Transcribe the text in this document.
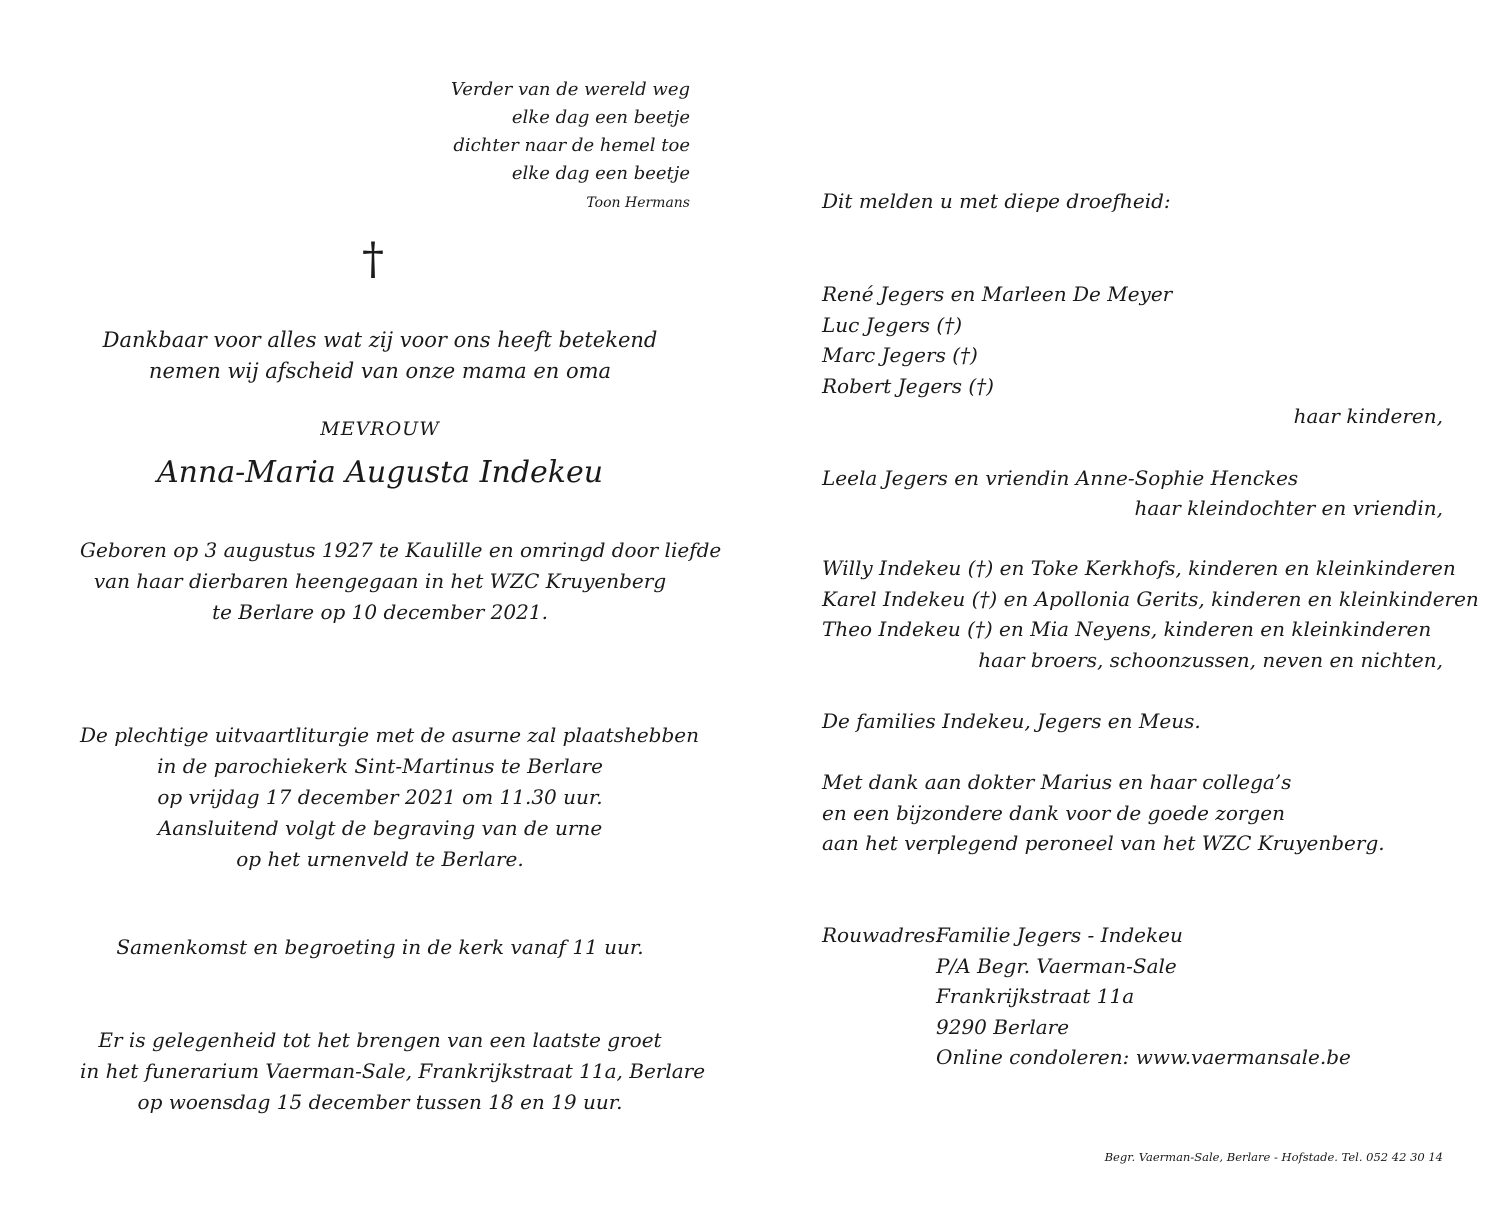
Verder van de wereld weg
elke dag een beetje
dichter naar de hemel toe
elke dag een beetje
Toon Hermans
†
Dankbaar voor alles wat zij voor ons heeft betekend
nemen wij afscheid van onze mama en oma
MEVROUW
Anna-Maria Augusta Indekeu
Geboren op 3 augustus 1927 te Kaulille en omringd door liefde
van haar dierbaren heengegaan in het WZC Kruyenberg
te Berlare op 10 december 2021.
De plechtige uitvaartliturgie met de asurne zal plaatshebben
in de parochiekerk Sint-Martinus te Berlare
op vrijdag 17 december 2021 om 11.30 uur.
Aansluitend volgt de begraving van de urne
op het urnenveld te Berlare.
Samenkomst en begroeting in de kerk vanaf 11 uur.
Er is gelegenheid tot het brengen van een laatste groet
in het funerarium Vaerman-Sale, Frankrijkstraat 11a, Berlare
op woensdag 15 december tussen 18 en 19 uur.
Dit melden u met diepe droefheid:
René Jegers en Marleen De Meyer
Luc Jegers (†)
Marc Jegers (†)
Robert Jegers (†)
haar kinderen,
Leela Jegers en vriendin Anne-Sophie Henckes
haar kleindochter en vriendin,
Willy Indekeu (†) en Toke Kerkhofs, kinderen en kleinkinderen
Karel Indekeu (†) en Apollonia Gerits, kinderen en kleinkinderen
Theo Indekeu (†) en Mia Neyens, kinderen en kleinkinderen
haar broers, schoonzussen, neven en nichten,
De families Indekeu, Jegers en Meus.
Met dank aan dokter Marius en haar collega’s
en een bijzondere dank voor de goede zorgen
aan het verplegend peroneel van het WZC Kruyenberg.
Rouwadres:
Familie Jegers - Indekeu
P/A Begr. Vaerman-Sale
Frankrijkstraat 11a
9290 Berlare
Online condoleren: www.vaermansale.be
Begr. Vaerman-Sale, Berlare - Hofstade. Tel. 052 42 30 14
